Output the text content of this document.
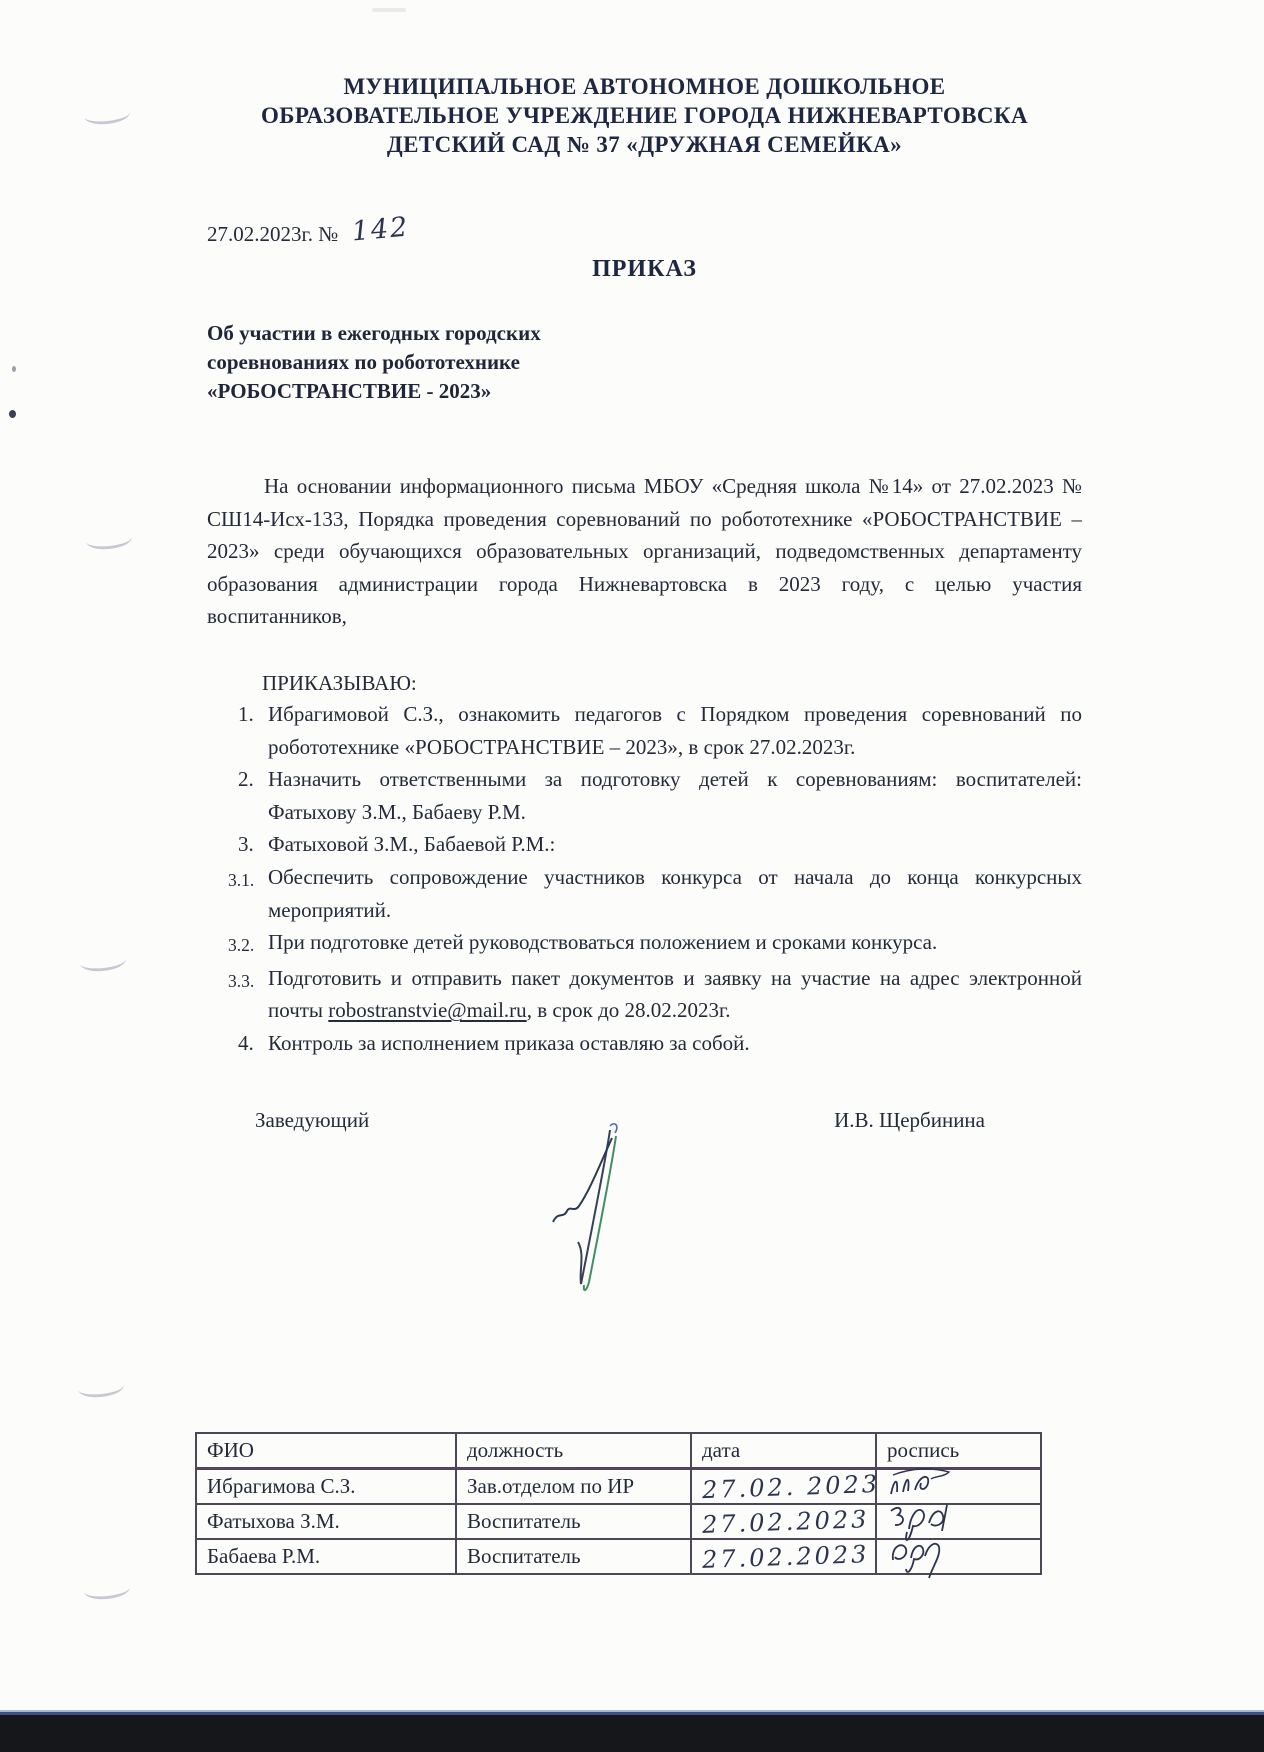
МУНИЦИПАЛЬНОЕ АВТОНОМНОЕ ДОШКОЛЬНОЕ
ОБРАЗОВАТЕЛЬНОЕ УЧРЕЖДЕНИЕ ГОРОДА НИЖНЕВАРТОВСКА
ДЕТСКИЙ САД № 37 «ДРУЖНАЯ СЕМЕЙКА»
27.02.2023г. № 142
ПРИКАЗ
Об участии в ежегодных городских
соревнованиях по робототехнике
«РОБОСТРАНСТВИЕ - 2023»
На основании информационного письма МБОУ «Средняя школа №14» от 27.02.2023 № СШ14-Исх-133, Порядка проведения соревнований по робототехнике «РОБОСТРАНСТВИЕ – 2023» среди обучающихся образовательных организаций, подведомственных департаменту образования администрации города Нижневартовска в 2023 году, с целью участия воспитанников,
ПРИКАЗЫВАЮ:
1. Ибрагимовой С.З., ознакомить педагогов с Порядком проведения соревнований по робототехнике «РОБОСТРАНСТВИЕ – 2023», в срок 27.02.2023г.
2. Назначить ответственными за подготовку детей к соревнованиям: воспитателей: Фатыхову З.М., Бабаеву Р.М.
3. Фатыховой З.М., Бабаевой Р.М.:
3.1. Обеспечить сопровождение участников конкурса от начала до конца конкурсных мероприятий.
3.2. При подготовке детей руководствоваться положением и сроками конкурса.
3.3. Подготовить и отправить пакет документов и заявку на участие на адрес электронной почты robostranstvie@mail.ru, в срок до 28.02.2023г.
4. Контроль за исполнением приказа оставляю за собой.
Заведующий	И.В. Щербинина
ФИО	должность	дата	роспись
Ибрагимова С.З.	Зав.отделом по ИР	27.02. 2023	

Фатыхова З.М.	Воспитатель	27.02.2023	

Бабаева Р.М.	Воспитатель	27.02.2023	
